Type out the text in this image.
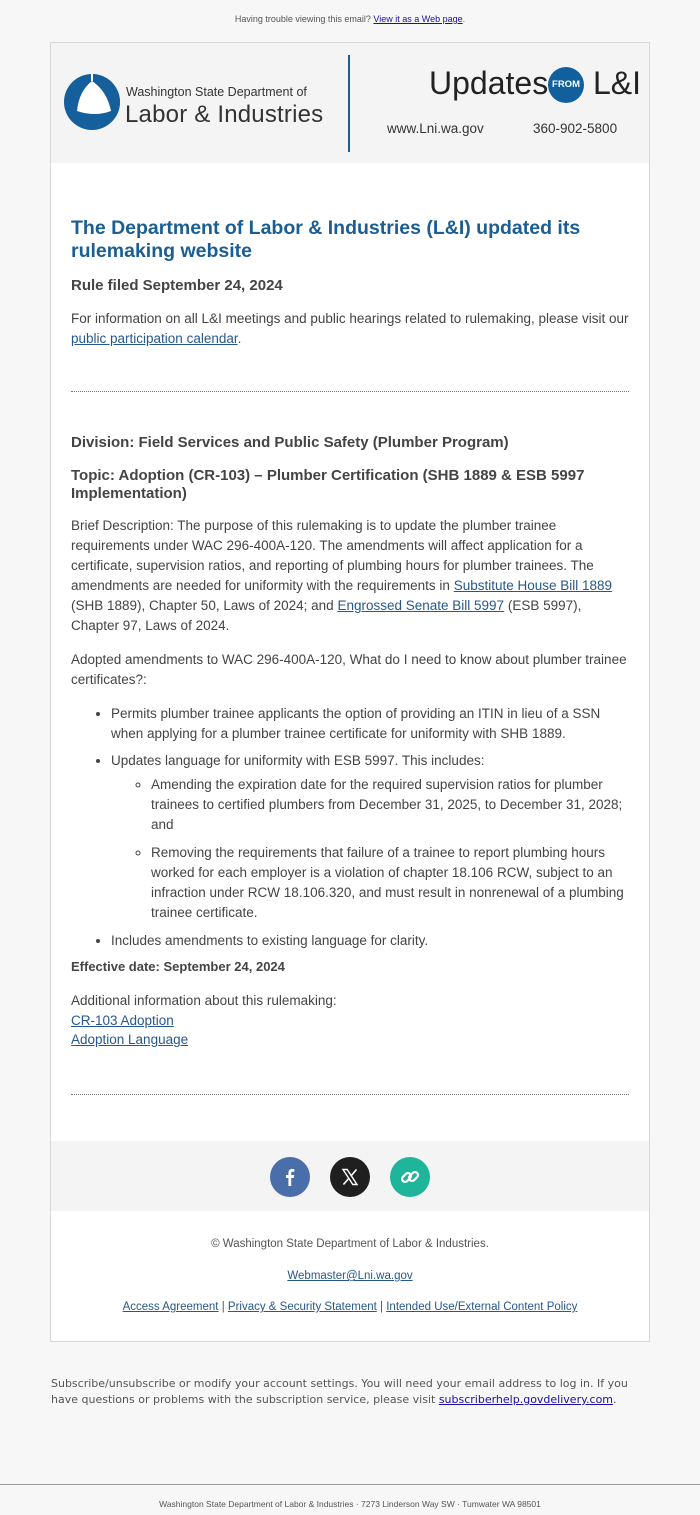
Having trouble viewing this email? View it as a Web page.
Washington State Department of
Labor & Industries
Updates FROM L&I
www.Lni.wa.gov	360-902-5800
The Department of Labor & Industries (L&I) updated its rulemaking website
Rule filed September 24, 2024
For information on all L&I meetings and public hearings related to rulemaking, please visit our public participation calendar.
Division: Field Services and Public Safety (Plumber Program)
Topic: Adoption (CR-103) – Plumber Certification (SHB 1889 & ESB 5997 Implementation)
Brief Description: The purpose of this rulemaking is to update the plumber trainee requirements under WAC 296-400A-120. The amendments will affect application for a certificate, supervision ratios, and reporting of plumbing hours for plumber trainees. The amendments are needed for uniformity with the requirements in Substitute House Bill 1889 (SHB 1889), Chapter 50, Laws of 2024; and Engrossed Senate Bill 5997 (ESB 5997), Chapter 97, Laws of 2024.
Adopted amendments to WAC 296-400A-120, What do I need to know about plumber trainee certificates?:
• Permits plumber trainee applicants the option of providing an ITIN in lieu of a SSN when applying for a plumber trainee certificate for uniformity with SHB 1889.
• Updates language for uniformity with ESB 5997. This includes:
◦ Amending the expiration date for the required supervision ratios for plumber trainees to certified plumbers from December 31, 2025, to December 31, 2028; and
◦ Removing the requirements that failure of a trainee to report plumbing hours worked for each employer is a violation of chapter 18.106 RCW, subject to an infraction under RCW 18.106.320, and must result in nonrenewal of a plumbing trainee certificate.
• Includes amendments to existing language for clarity.
Effective date: September 24, 2024
Additional information about this rulemaking:
CR-103 Adoption
Adoption Language
© Washington State Department of Labor & Industries.
Webmaster@Lni.wa.gov
Access Agreement | Privacy & Security Statement | Intended Use/External Content Policy
Subscribe/unsubscribe or modify your account settings. You will need your email address to log in. If you have questions or problems with the subscription service, please visit subscriberhelp.govdelivery.com.
Washington State Department of Labor & Industries · 7273 Linderson Way SW · Tumwater WA 98501
